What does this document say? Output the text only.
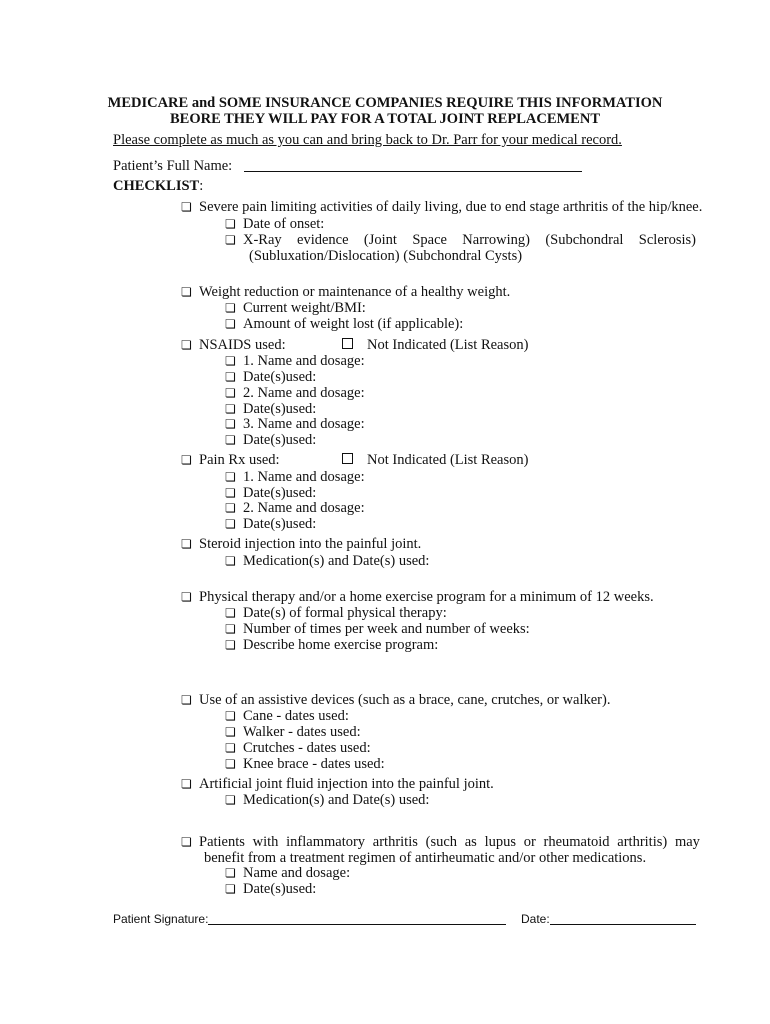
MEDICARE and SOME INSURANCE COMPANIES REQUIRE THIS INFORMATION
BEORE THEY WILL PAY FOR A TOTAL JOINT REPLACEMENT
Please complete as much as you can and bring back to Dr. Parr for your medical record.
Patient’s Full Name:
CHECKLIST:
❏ Severe pain limiting activities of daily living, due to end stage arthritis of the hip/knee.
❏ Date of onset:
❏ X-Ray evidence (Joint Space Narrowing) (Subchondral Sclerosis)
(Subluxation/Dislocation) (Subchondral Cysts)
❏ Weight reduction or maintenance of a healthy weight.
❏ Current weight/BMI:
❏ Amount of weight lost (if applicable):
❏ NSAIDS used:	Not Indicated (List Reason)
❏ 1. Name and dosage:
❏ Date(s)used:
❏ 2. Name and dosage:
❏ Date(s)used:
❏ 3. Name and dosage:
❏ Date(s)used:
❏ Pain Rx used:	Not Indicated (List Reason)
❏ 1. Name and dosage:
❏ Date(s)used:
❏ 2. Name and dosage:
❏ Date(s)used:
❏ Steroid injection into the painful joint.
❏ Medication(s) and Date(s) used:
❏ Physical therapy and/or a home exercise program for a minimum of 12 weeks.
❏ Date(s) of formal physical therapy:
❏ Number of times per week and number of weeks:
❏ Describe home exercise program:
❏ Use of an assistive devices (such as a brace, cane, crutches, or walker).
❏ Cane - dates used:
❏ Walker - dates used:
❏ Crutches - dates used:
❏ Knee brace - dates used:
❏ Artificial joint fluid injection into the painful joint.
❏ Medication(s) and Date(s) used:
❏ Patients with inflammatory arthritis (such as lupus or rheumatoid arthritis) may
benefit from a treatment regimen of antirheumatic and/or other medications.
❏ Name and dosage:
❏ Date(s)used:
Patient Signature:	Date:
